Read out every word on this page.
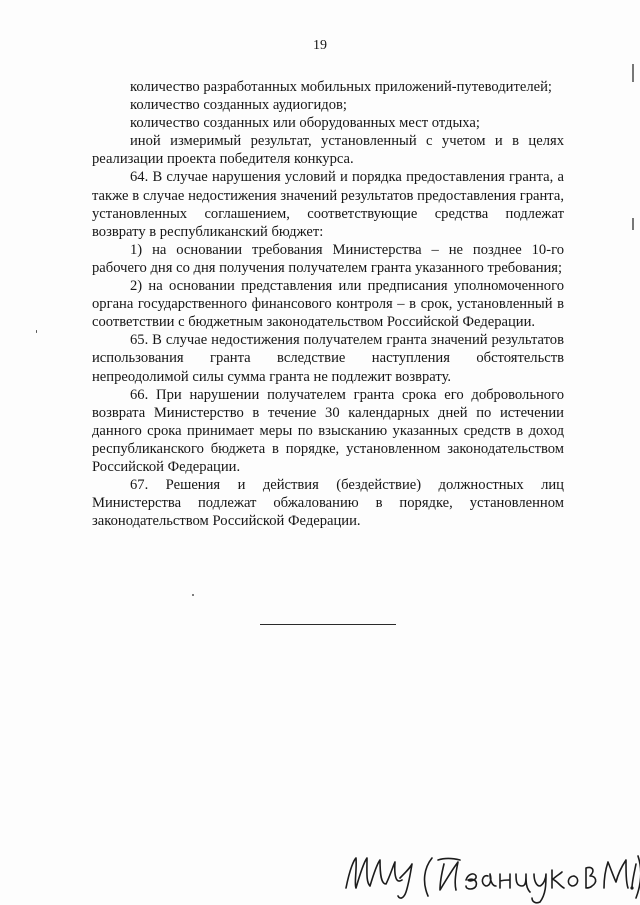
19

количество разработанных мобильных приложений-путеводителей;

количество созданных аудиогидов;

количество созданных или оборудованных мест отдыха;

иной измеримый результат, установленный с учетом и в целях реализации проекта победителя конкурса.

64. В случае нарушения условий и порядка предоставления гранта, а также в случае недостижения значений результатов предоставления гранта, установленных соглашением, соответствующие средства подлежат возврату в республиканский бюджет:

1) на основании требования Министерства – не позднее 10-го рабочего дня со дня получения получателем гранта указанного требования;

2) на основании представления или предписания уполномоченного органа государственного финансового контроля – в срок, установленный в соответствии с бюджетным законодательством Российской Федерации.

65. В случае недостижения получателем гранта значений результатов использования гранта вследствие наступления обстоятельств непреодолимой силы сумма гранта не подлежит возврату.

66. При нарушении получателем гранта срока его добровольного возврата Министерство в течение 30 календарных дней по истечении данного срока принимает меры по взысканию указанных средств в доход республиканского бюджета в порядке, установленном законодательством Российской Федерации.

67. Решения и действия (бездействие) должностных лиц Министерства подлежат обжалованию в порядке, установленном законодательством Российской Федерации.
